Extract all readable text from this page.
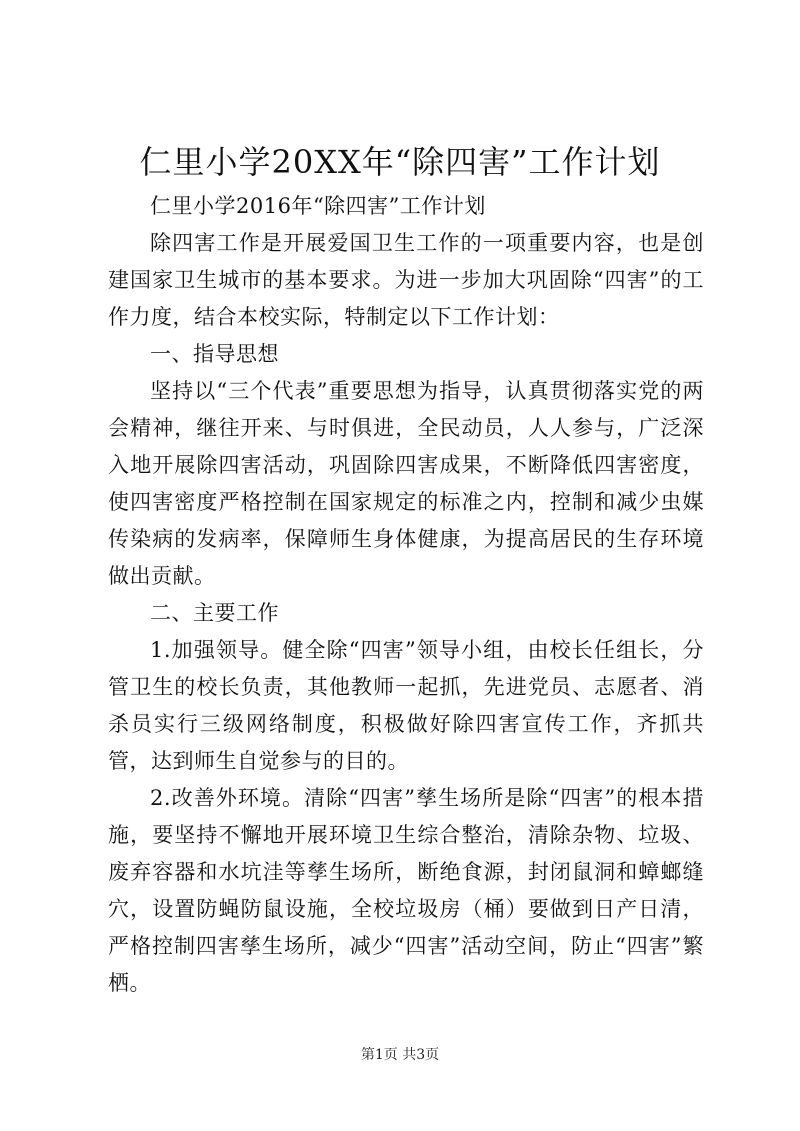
仁里小学20XX年“除四害”工作计划

仁里小学2016年“除四害”工作计划

除四害工作是开展爱国卫生工作的一项重要内容，也是创建国家卫生城市的基本要求。为进一步加大巩固除“四害”的工作力度，结合本校实际，特制定以下工作计划：

一、指导思想

坚持以“三个代表”重要思想为指导，认真贯彻落实党的两会精神，继往开来、与时俱进，全民动员，人人参与，广泛深入地开展除四害活动，巩固除四害成果，不断降低四害密度，使四害密度严格控制在国家规定的标准之内，控制和减少虫媒传染病的发病率，保障师生身体健康，为提高居民的生存环境做出贡献。

二、主要工作

1.加强领导。健全除“四害”领导小组，由校长任组长，分管卫生的校长负责，其他教师一起抓，先进党员、志愿者、消杀员实行三级网络制度，积极做好除四害宣传工作，齐抓共管，达到师生自觉参与的目的。

2.改善外环境。清除“四害”孳生场所是除“四害”的根本措施，要坚持不懈地开展环境卫生综合整治，清除杂物、垃圾、废弃容器和水坑洼等孳生场所，断绝食源，封闭鼠洞和蟑螂缝穴，设置防蝇防鼠设施，全校垃圾房（桶）要做到日产日清，严格控制四害孳生场所，减少“四害”活动空间，防止“四害”繁栖。

第1页 共3页
